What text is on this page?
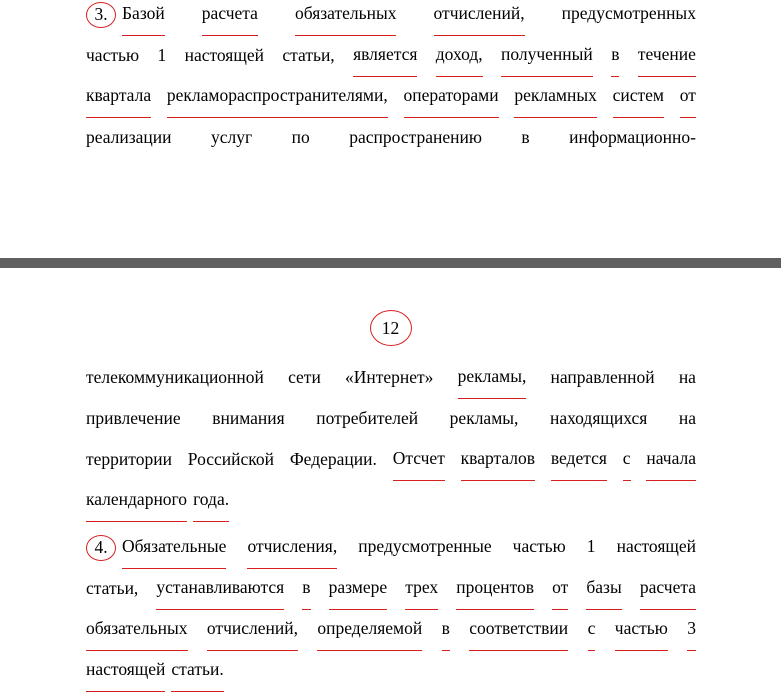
3. Базой расчета обязательных отчислений, предусмотренных
частью 1 настоящей статьи, является доход, полученный в течение
квартала рекламораспространителями, операторами рекламных систем от
реализации услуг по распространению в информационно-
12
телекоммуникационной сети «Интернет» рекламы, направленной на
привлечение внимания потребителей рекламы, находящихся на
территории Российской Федерации. Отсчет кварталов ведется с начала
календарного года.
4. Обязательные отчисления, предусмотренные частью 1 настоящей
статьи, устанавливаются в размере трех процентов от базы расчета
обязательных отчислений, определяемой в соответствии с частью 3
настоящей статьи.
